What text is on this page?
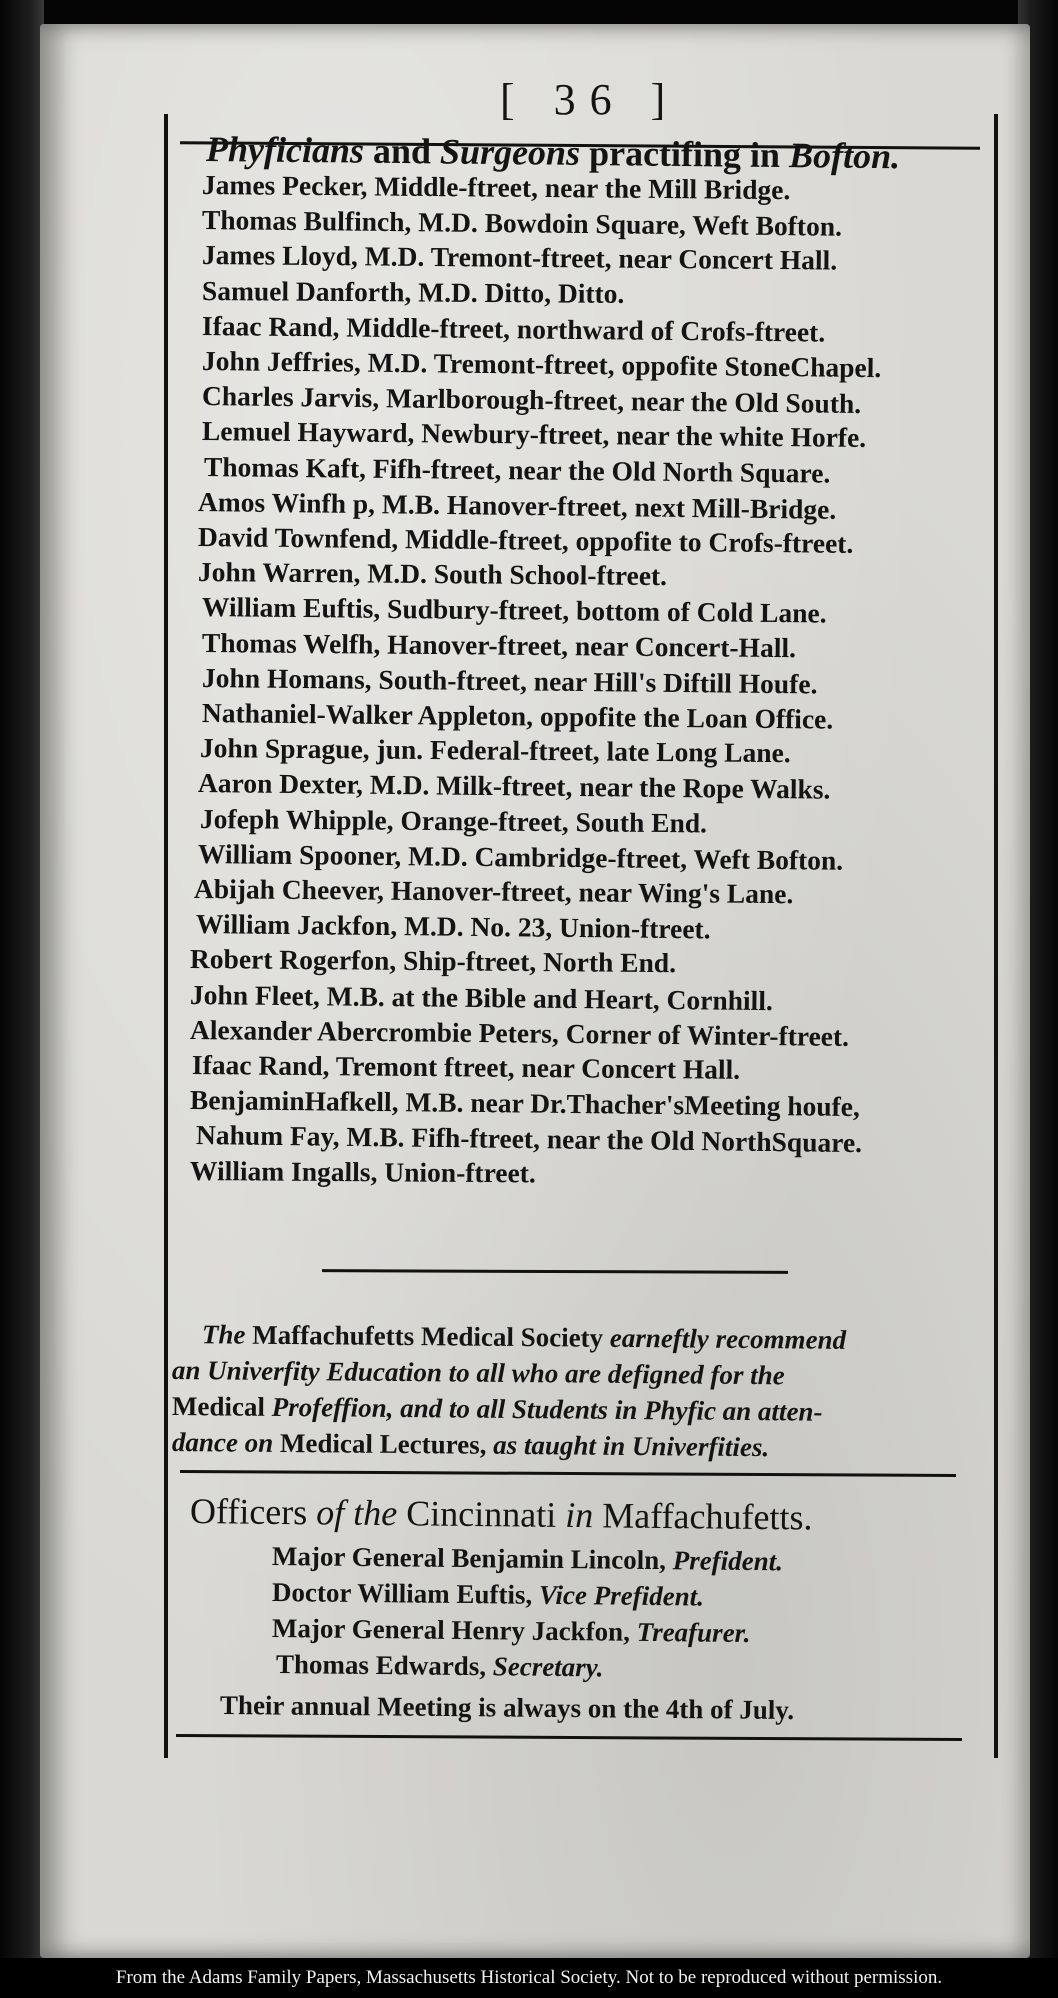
[ 36 ]
Phyficians and Surgeons practifing in Bofton.
James Pecker, Middle-ftreet, near the Mill Bridge.
Thomas Bulfinch, M.D. Bowdoin Square, Weft Bofton.
James Lloyd, M.D. Tremont-ftreet, near Concert Hall.
Samuel Danforth, M.D. Ditto, Ditto.
Ifaac Rand, Middle-ftreet, northward of Crofs-ftreet.
John Jeffries, M.D. Tremont-ftreet, oppofite StoneChapel.
Charles Jarvis, Marlborough-ftreet, near the Old South.
Lemuel Hayward, Newbury-ftreet, near the white Horfe.
Thomas Kaft, Fifh-ftreet, near the Old North Square.
Amos Winfh p, M.B. Hanover-ftreet, next Mill-Bridge.
David Townfend, Middle-ftreet, oppofite to Crofs-ftreet.
John Warren, M.D. South School-ftreet.
William Euftis, Sudbury-ftreet, bottom of Cold Lane.
Thomas Welfh, Hanover-ftreet, near Concert-Hall.
John Homans, South-ftreet, near Hill's Diftill Houfe.
Nathaniel-Walker Appleton, oppofite the Loan Office.
John Sprague, jun. Federal-ftreet, late Long Lane.
Aaron Dexter, M.D. Milk-ftreet, near the Rope Walks.
Jofeph Whipple, Orange-ftreet, South End.
William Spooner, M.D. Cambridge-ftreet, Weft Bofton.
Abijah Cheever, Hanover-ftreet, near Wing's Lane.
William Jackfon, M.D. No. 23, Union-ftreet.
Robert Rogerfon, Ship-ftreet, North End.
John Fleet, M.B. at the Bible and Heart, Cornhill.
Alexander Abercrombie Peters, Corner of Winter-ftreet.
Ifaac Rand, Tremont ftreet, near Concert Hall.
BenjaminHafkell, M.B. near Dr.Thacher'sMeeting houfe,
Nahum Fay, M.B. Fifh-ftreet, near the Old NorthSquare.
William Ingalls, Union-ftreet.
The Maffachufetts Medical Society earneftly recommend
an Univerfity Education to all who are defigned for the
Medical Profeffion, and to all Students in Phyfic an atten-
dance on Medical Lectures, as taught in Univerfities.
Officers of the Cincinnati in Maffachufetts.
Major General Benjamin Lincoln, Prefident.
Doctor William Euftis, Vice Prefident.
Major General Henry Jackfon, Treafurer.
Thomas Edwards, Secretary.
Their annual Meeting is always on the 4th of July.
From the Adams Family Papers, Massachusetts Historical Society. Not to be reproduced without permission.
